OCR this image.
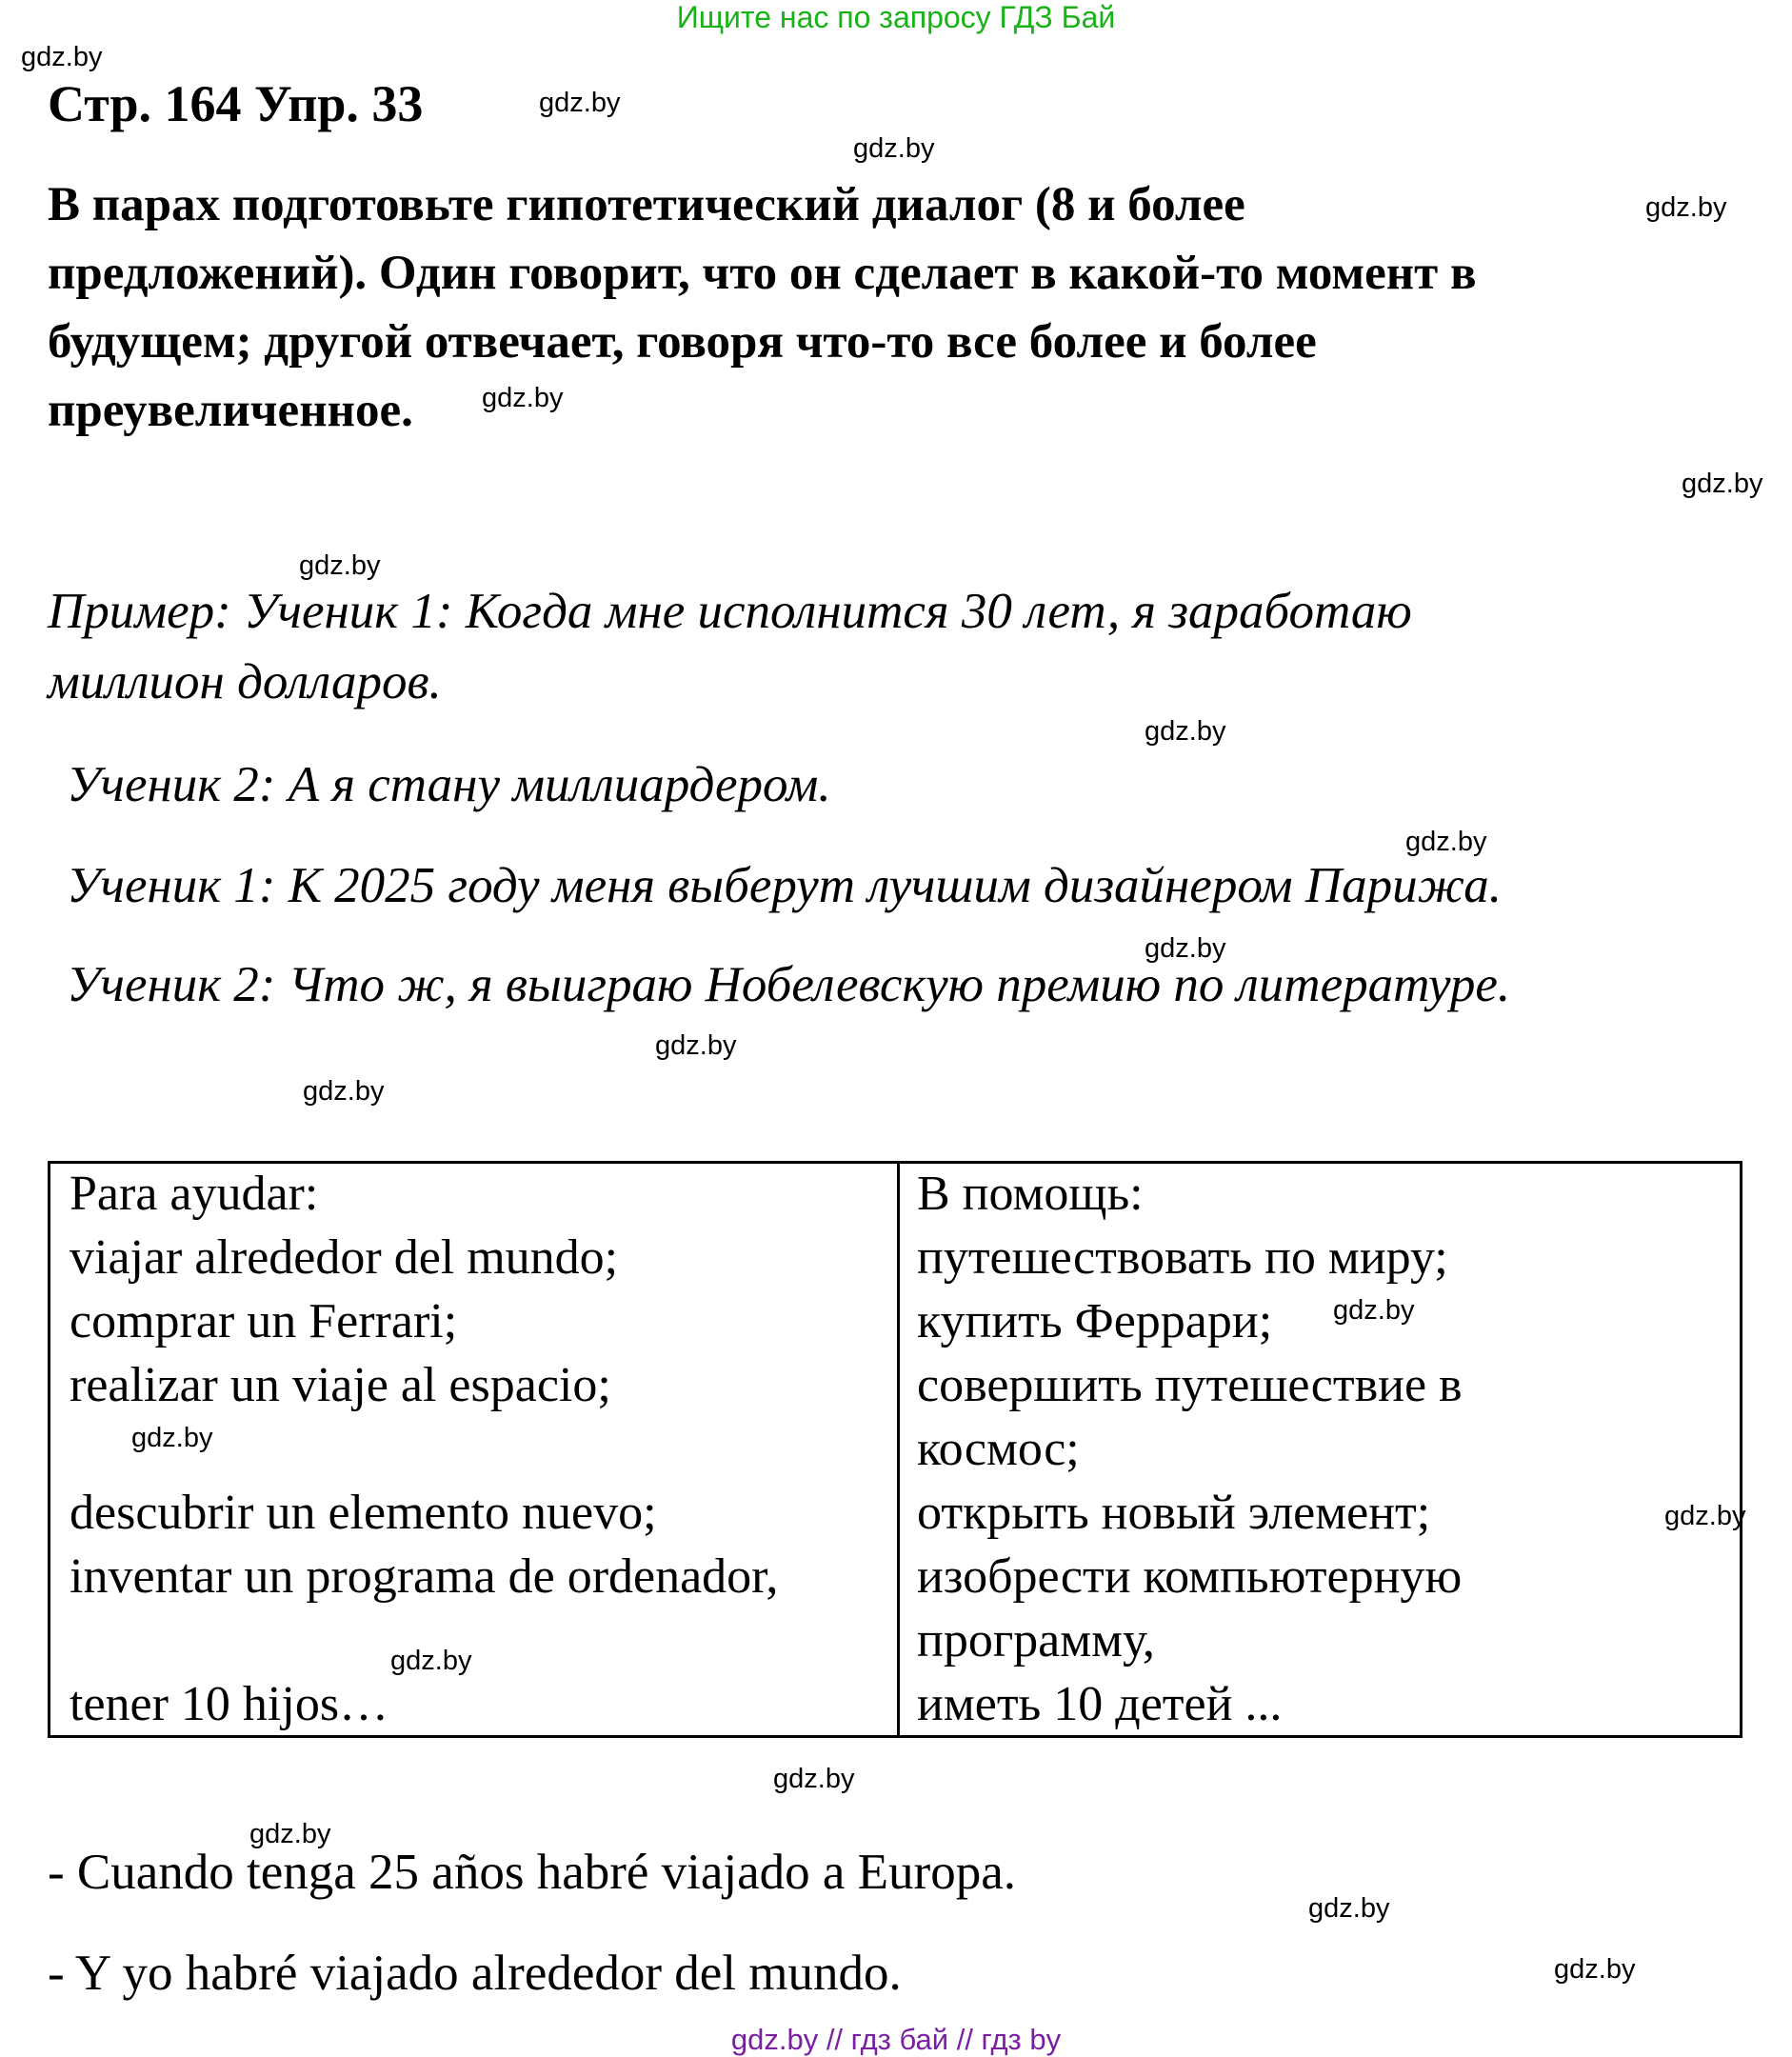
Ищите нас по запросу ГДЗ Бай
gdz.by
gdz.by
gdz.by
gdz.by
gdz.by
gdz.by
gdz.by
gdz.by
gdz.by
gdz.by
gdz.by
gdz.by
gdz.by
gdz.by
gdz.by
gdz.by
gdz.by
gdz.by
gdz.by
gdz.by
Стр. 164 Упр. 33
В парах подготовьте гипотетический диалог (8 и более
предложений). Один говорит, что он сделает в какой-то момент в
будущем; другой отвечает, говоря что-то все более и более
преувеличенное.
Пример: Ученик 1: Когда мне исполнится 30 лет, я заработаю
миллион долларов.
Ученик 2: А я стану миллиардером.
Ученик 1: К 2025 году меня выберут лучшим дизайнером Парижа.
Ученик 2: Что ж, я выиграю Нобелевскую премию по литературе.
Para ayudar:
viajar alrededor del mundo;
comprar un Ferrari;
realizar un viaje al espacio;
descubrir un elemento nuevo;
inventar un programa de ordenador,
tener 10 hijos…
В помощь:
путешествовать по миру;
купить Феррари;
совершить путешествие в
космос;
открыть новый элемент;
изобрести компьютерную
программу,
иметь 10 детей ...
- Cuando tenga 25 años habré viajado a Europa.
- Y yo habré viajado alrededor del mundo.
gdz.by // гдз бай // гдз by
